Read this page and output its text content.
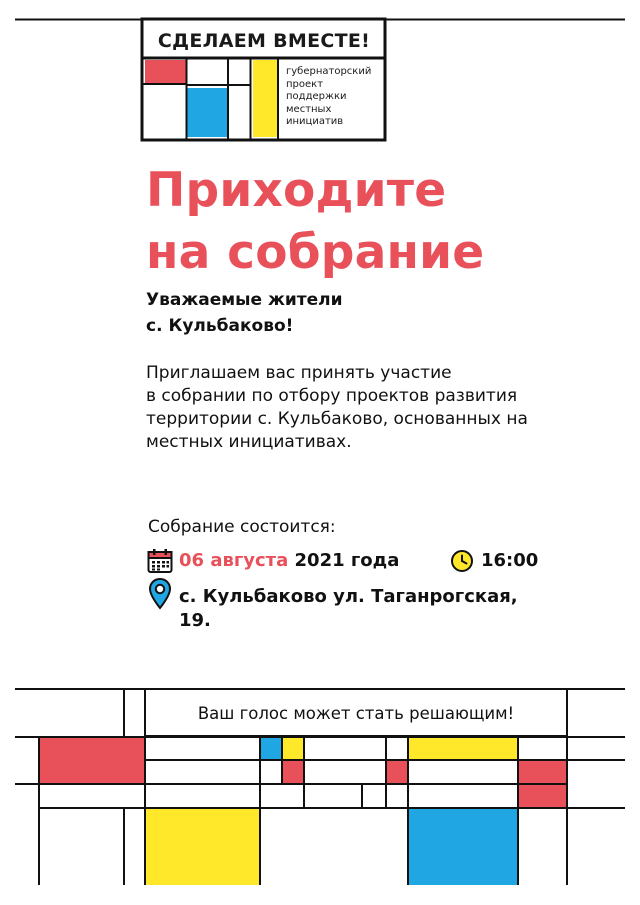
СДЕЛАЕМ ВМЕСТЕ!
губернаторский
проект
поддержки
местных
инициатив
Приходите
на собрание
Уважаемые жители
с. Кульбаково!
Приглашаем вас принять участие
в собрании по отбору проектов развития
территории с. Кульбаково, основанных на
местных инициативах.
Собрание состоится:
06 августа 2021 года	16:00
с. Кульбаково ул. Таганрогская,
19.
Ваш голос может стать решающим!
